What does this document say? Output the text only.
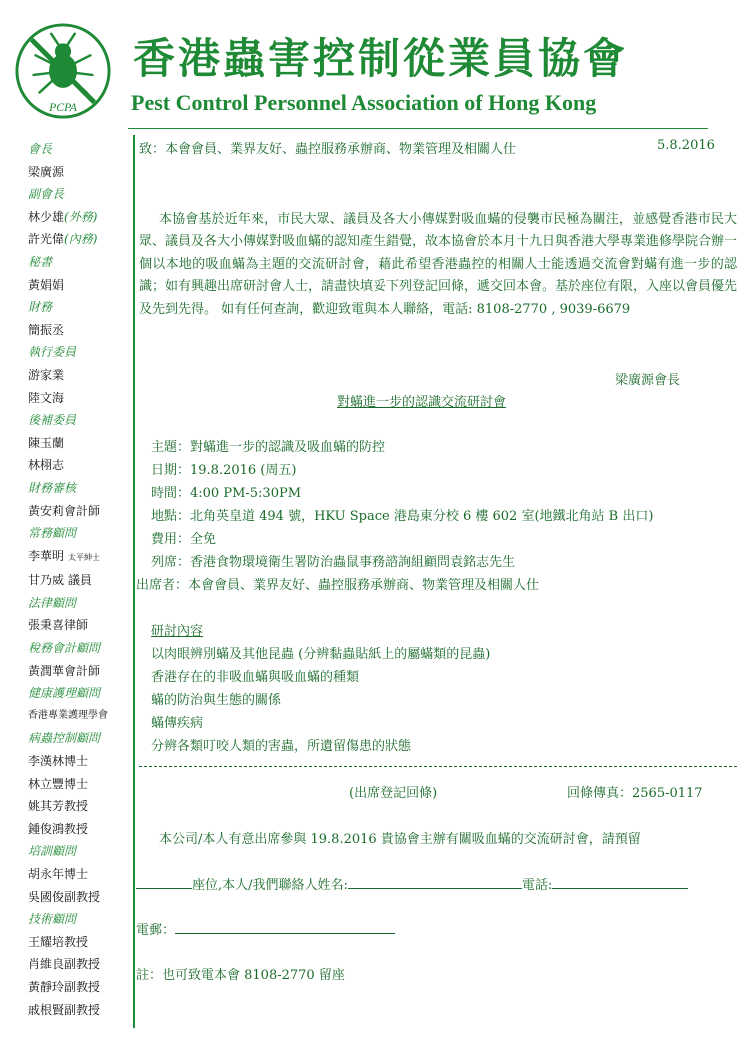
PCPA
香港蟲害控制從業員協會
Pest Control Personnel Association of Hong Kong
會長
梁廣源
副會長
林少雄(外務)
許光偉(內務)
秘書
黃娟娟
財務
簡振丞
執行委員
游家業
陸文海
後補委員
陳玉蘭
林栩志
財務審核
黃安莉會計師
常務顧問
李華明 太平紳士
甘乃威 議員
法律顧問
張秉喜律師
稅務會計顧問
黃潤華會計師
健康護理顧問
香港專業護理學會
病蟲控制顧問
李漢林博士
林立豐博士
姚其芳教授
鍾俊鴻教授
培訓顧問
胡永年博士
吳國俊副教授
技術顧問
王耀培教授
肖維良副教授
黃靜玲副教授
戚根賢副教授
致：本會會員、業界友好、蟲控服務承辦商、物業管理及相關人仕	5.8.2016
本協會基於近年來，市民大眾、議員及各大小傳媒對吸血蟎的侵襲市民極為關注，並感覺香港市民大眾、議員及各大小傳媒對吸血蟎的認知產生錯覺，故本協會於本月十九日與香港大學專業進修學院合辦一個以本地的吸血蟎為主題的交流研討會，藉此希望香港蟲控的相關人士能透過交流會對蟎有進一步的認識；如有興趣出席研討會人士，請盡快填妥下列登記回條，遞交回本會。基於座位有限，入座以會員優先及先到先得。 如有任何查詢，歡迎致電與本人聯絡，電話: 8108-2770 , 9039-6679
梁廣源會長
對蟎進一步的認識交流研討會
主題：對蟎進一步的認識及吸血蟎的防控
日期：19.8.2016 (周五)
時間：4:00 PM-5:30PM
地點：北角英皇道 494 號，HKU Space 港島東分校 6 樓 602 室(地鐵北角站 B 出口)
費用：全免
列席：香港食物環境衛生署防治蟲鼠事務諮詢組顧問袁銘志先生
出席者：本會會員、業界友好、蟲控服務承辦商、物業管理及相關人仕
研討內容
以肉眼辨別蟎及其他昆蟲 (分辨黏蟲貼紙上的屬蟎類的昆蟲)
香港存在的非吸血蟎與吸血蟎的種類
蟎的防治與生態的關係
蟎傳疾病
分辨各類叮咬人類的害蟲，所遺留傷患的狀態
(出席登記回條)	回條傳真：2565-0117
本公司/本人有意出席參與 19.8.2016 貴協會主辦有關吸血蟎的交流研討會，請預留
座位,本人/我們聯絡人姓名:	電話:
電郵：
註：也可致電本會 8108-2770 留座
